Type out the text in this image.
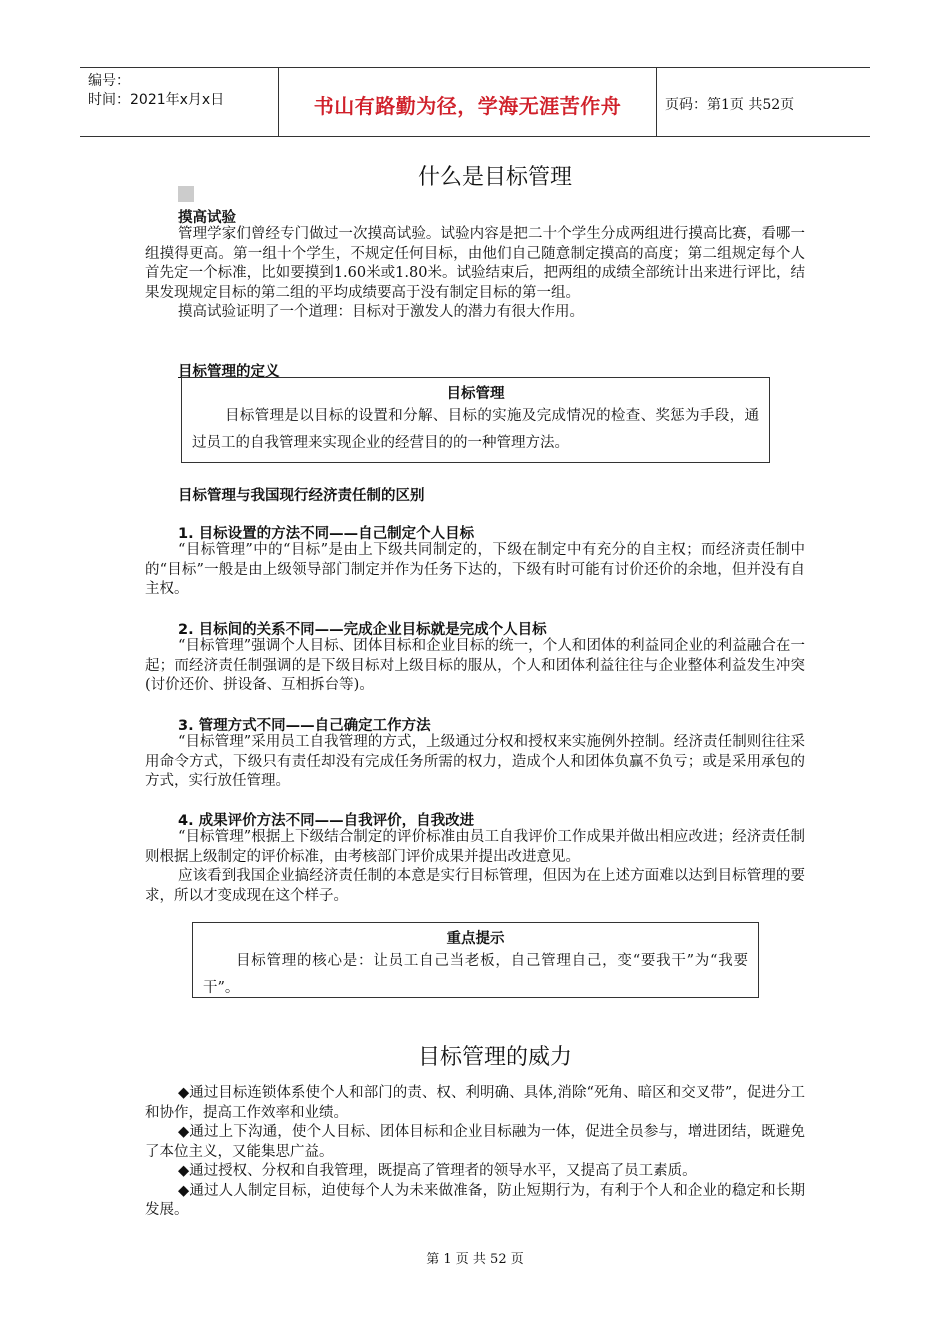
编号：
时间：2021年x月x日	书山有路勤为径，学海无涯苦作舟	页码：第1页 共52页
什么是目标管理
摸高试验

管理学家们曾经专门做过一次摸高试验。试验内容是把二十个学生分成两组进行摸高比赛，看哪一组摸得更高。第一组十个学生，不规定任何目标，由他们自己随意制定摸高的高度；第二组规定每个人首先定一个标准，比如要摸到1.60米或1.80米。试验结束后，把两组的成绩全部统计出来进行评比，结果发现规定目标的第二组的平均成绩要高于没有制定目标的第一组。

摸高试验证明了一个道理：目标对于激发人的潜力有很大作用。

目标管理的定义
目标管理
目标管理是以目标的设置和分解、目标的实施及完成情况的检查、奖惩为手段，通过员工的自我管理来实现企业的经营目的的一种管理方法。
目标管理与我国现行经济责任制的区别
1. 目标设置的方法不同——自己制定个人目标

“目标管理”中的“目标”是由上下级共同制定的，下级在制定中有充分的自主权；而经济责任制中的“目标”一般是由上级领导部门制定并作为任务下达的，下级有时可能有讨价还价的余地，但并没有自主权。

2. 目标间的关系不同——完成企业目标就是完成个人目标

“目标管理”强调个人目标、团体目标和企业目标的统一，个人和团体的利益同企业的利益融合在一起；而经济责任制强调的是下级目标对上级目标的服从，个人和团体利益往往与企业整体利益发生冲突(讨价还价、拼设备、互相拆台等)。

3. 管理方式不同——自己确定工作方法

“目标管理”采用员工自我管理的方式，上级通过分权和授权来实施例外控制。经济责任制则往往采用命令方式，下级只有责任却没有完成任务所需的权力，造成个人和团体负赢不负亏；或是采用承包的方式，实行放任管理。

4. 成果评价方法不同——自我评价，自我改进

“目标管理”根据上下级结合制定的评价标准由员工自我评价工作成果并做出相应改进；经济责任制则根据上级制定的评价标准，由考核部门评价成果并提出改进意见。

应该看到我国企业搞经济责任制的本意是实行目标管理，但因为在上述方面难以达到目标管理的要求，所以才变成现在这个样子。

重点提示
目标管理的核心是：让员工自己当老板，自己管理自己，变“要我干”为“我要干”。
目标管理的威力

◆通过目标连锁体系使个人和部门的责、权、利明确、具体,消除“死角、暗区和交叉带”，促进分工和协作，提高工作效率和业绩。

◆通过上下沟通，使个人目标、团体目标和企业目标融为一体，促进全员参与，增进团结，既避免了本位主义，又能集思广益。

◆通过授权、分权和自我管理，既提高了管理者的领导水平，又提高了员工素质。

◆通过人人制定目标，迫使每个人为未来做准备，防止短期行为，有利于个人和企业的稳定和长期发展。

第 1 页 共 52 页
